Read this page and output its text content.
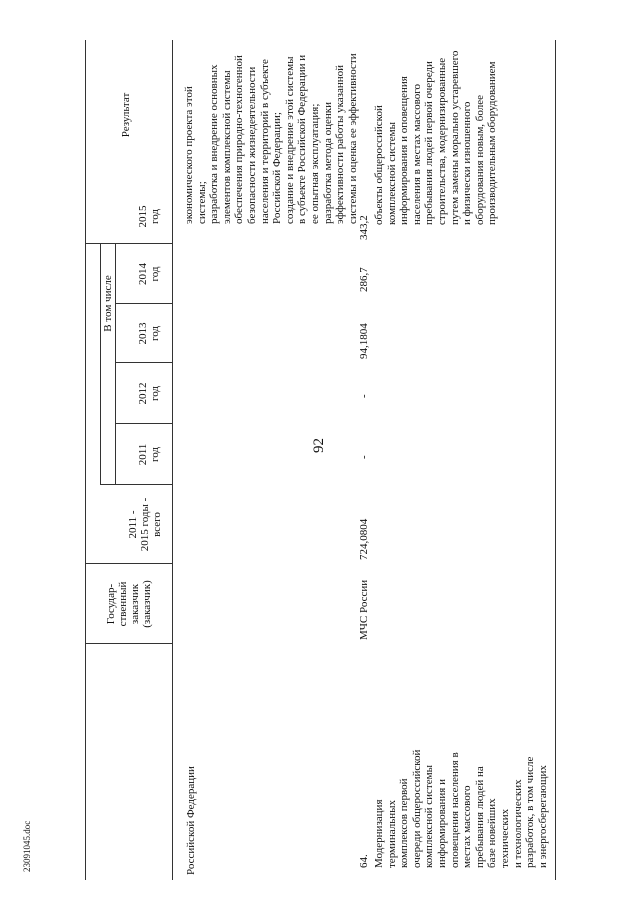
92
23091045.doc
Государ-
ственный
заказчик
(заказчик)
2011 -
2015 годы -
всего
В том числе
2011
год
2012
год
2013
год
2014
год
2015
год
Результат
Российской Федерации
экономического проекта этой
системы;
разработка и внедрение основных
элементов комплексной системы
обеспечения природно-техногенной
безопасности жизнедеятельности
населения и территорий в субъекте
Российской Федерации;
создание и внедрение этой системы
в субъекте Российской Федерации и
ее опытная эксплуатация;
разработка метода оценки
эффективности работы указанной
системы и оценка ее эффективности
64. Модернизация
терминальных
комплексов первой
очереди общероссийской
комплексной системы
информирования и
оповещения населения в
местах массового
пребывания людей на
базе новейших
технических
и технологических
разработок, в том числе
и энергосберегающих
МЧС России
724,0804
-
-
94,1804
286,7
343,2
объекты общероссийской
комплексной системы
информирования и оповещения
населения в местах массового
пребывания людей первой очереди
строительства, модернизированные
путем замены морально устаревшего
и физически изношенного
оборудования новым, более
производительным оборудованием
